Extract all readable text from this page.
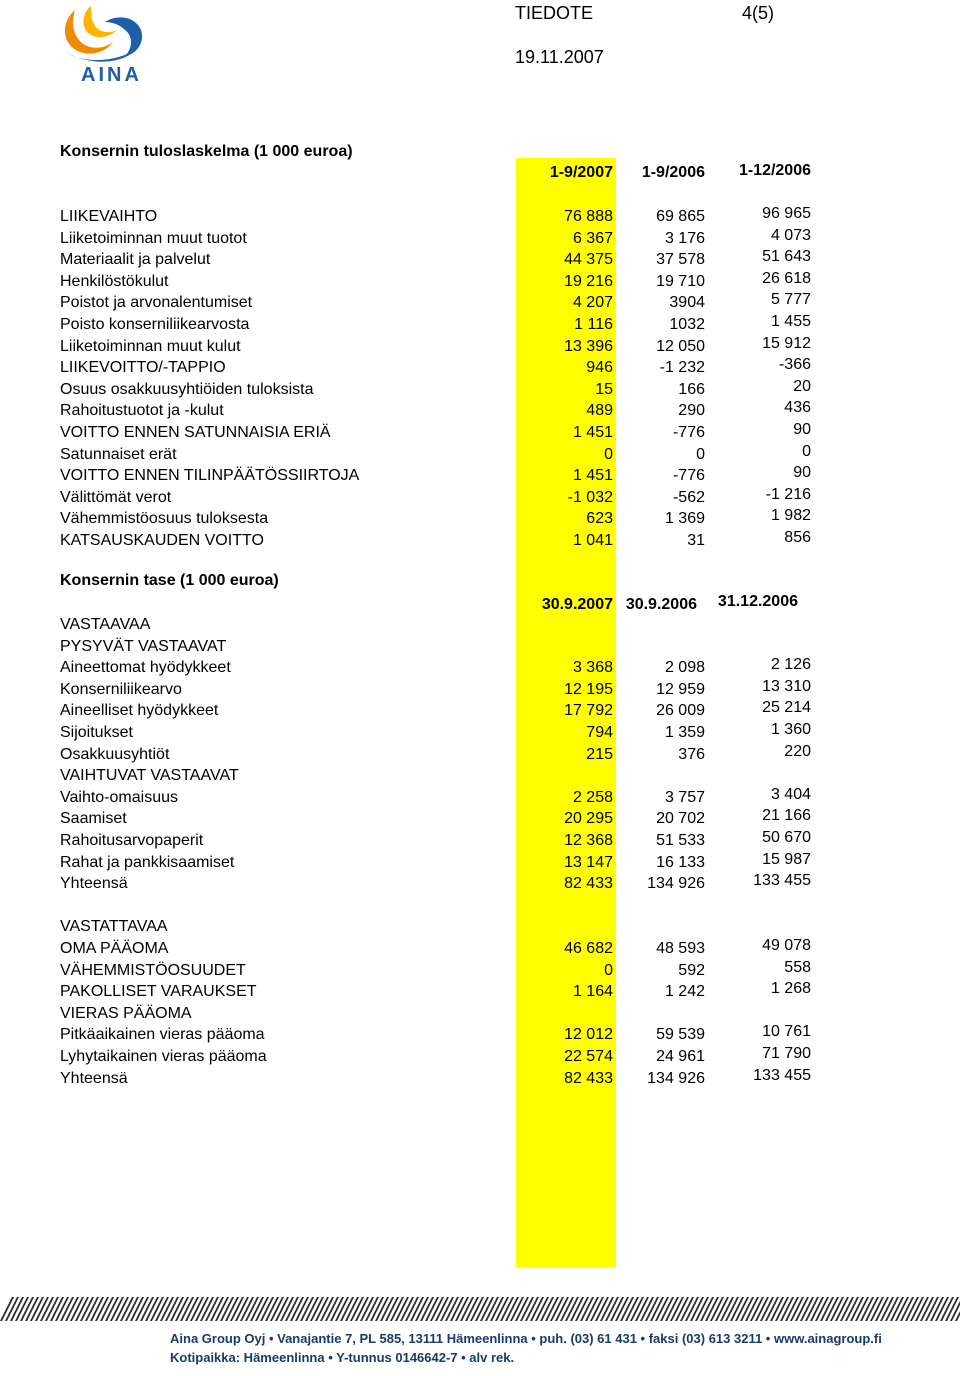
AINA
TIEDOTE	4(5)
19.11.2007
Konsernin tuloslaskelma (1 000 euroa)
1-9/2007	1-9/2006	1-12/2006
LIIKEVAIHTO	76 888	69 865	96 965
Liiketoiminnan muut tuotot	6 367	3 176	4 073
Materiaalit ja palvelut	44 375	37 578	51 643
Henkilöstökulut	19 216	19 710	26 618
Poistot ja arvonalentumiset	4 207	3904	5 777
Poisto konserniliikearvosta	1 116	1032	1 455
Liiketoiminnan muut kulut	13 396	12 050	15 912
LIIKEVOITTO/-TAPPIO	946	-1 232	-366
Osuus osakkuusyhtiöiden tuloksista	15	166	20
Rahoitustuotot ja -kulut	489	290	436
VOITTO ENNEN SATUNNAISIA ERIÄ	1 451	-776	90
Satunnaiset erät	0	0	0
VOITTO ENNEN TILINPÄÄTÖSSIIRTOJA	1 451	-776	90
Välittömät verot	-1 032	-562	-1 216
Vähemmistöosuus tuloksesta	623	1 369	1 982
KATSAUSKAUDEN VOITTO	1 041	31	856
Konsernin tase (1 000 euroa)
30.9.2007 30.9.2006	31.12.2006
VASTAAVAA
PYSYVÄT VASTAAVAT
Aineettomat hyödykkeet	3 368	2 098	2 126
Konserniliikearvo	12 195	12 959	13 310
Aineelliset hyödykkeet	17 792	26 009	25 214
Sijoitukset	794	1 359	1 360
Osakkuusyhtiöt	215	376	220
VAIHTUVAT VASTAAVAT
Vaihto-omaisuus	2 258	3 757	3 404
Saamiset	20 295	20 702	21 166
Rahoitusarvopaperit	12 368	51 533	50 670
Rahat ja pankkisaamiset	13 147	16 133	15 987
Yhteensä	82 433	134 926	133 455
VASTATTAVAA
OMA PÄÄOMA	46 682	48 593	49 078
VÄHEMMISTÖOSUUDET	0	592	558
PAKOLLISET VARAUKSET	1 164	1 242	1 268
VIERAS PÄÄOMA
Pitkäaikainen vieras pääoma	12 012	59 539	10 761
Lyhytaikainen vieras pääoma	22 574	24 961	71 790
Yhteensä	82 433	134 926	133 455
Aina Group Oyj • Vanajantie 7, PL 585, 13111 Hämeenlinna • puh. (03) 61 431 • faksi (03) 613 3211 • www.ainagroup.fi
Kotipaikka: Hämeenlinna • Y-tunnus 0146642-7 • alv rek.
